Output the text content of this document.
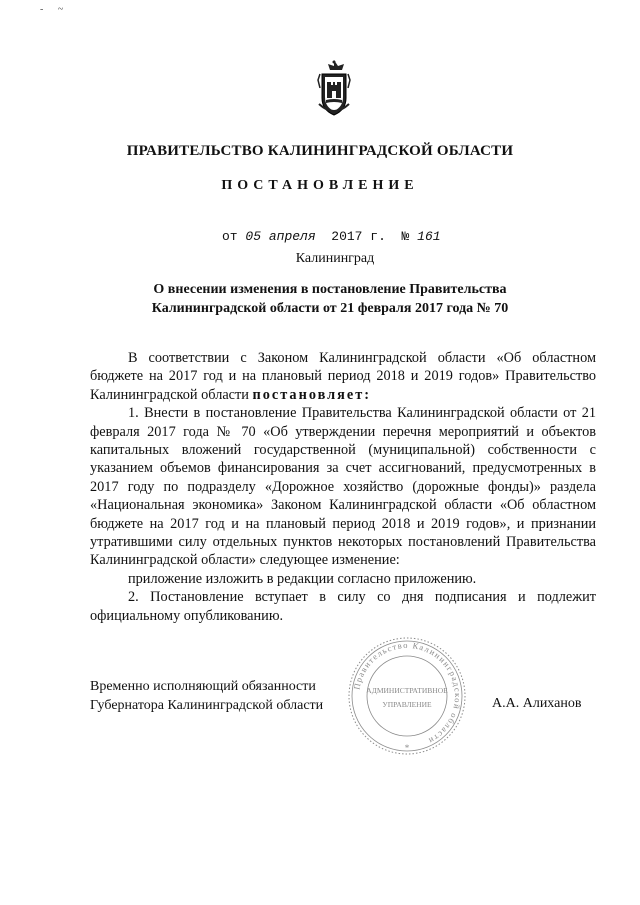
- ~
ПРАВИТЕЛЬСТВО КАЛИНИНГРАДСКОЙ ОБЛАСТИ
ПОСТАНОВЛЕНИЕ
от 05 апреля 2017 г. № 161
Калининград
О внесении изменения в постановление Правительства
Калининградской области от 21 февраля 2017 года № 70

В соответствии с Законом Калининградской области «Об областном бюджете на 2017 год и на плановый период 2018 и 2019 годов» Правительство Калининградской области постановляет:

1. Внести в постановление Правительства Калининградской области от 21 февраля 2017 года № 70 «Об утверждении перечня мероприятий и объектов капитальных вложений государственной (муниципальной) собственности с указанием объемов финансирования за счет ассигнований, предусмотренных в 2017 году по подразделу «Дорожное хозяйство (дорожные фонды)» раздела «Национальная экономика» Законом Калининградской области «Об областном бюджете на 2017 год и на плановый период 2018 и 2019 годов», и признании утратившими силу отдельных пунктов некоторых постановлений Правительства Калининградской области» следующее изменение:

приложение изложить в редакции согласно приложению.

2. Постановление вступает в силу со дня подписания и подлежит официальному опубликованию.

Временно исполняющий обязанности
Губернатора Калининградской области
Правительство Калининградской области
АДМИНИСТРАТИВНОЕ
УПРАВЛЕНИЕ
*
А.А. Алиханов
